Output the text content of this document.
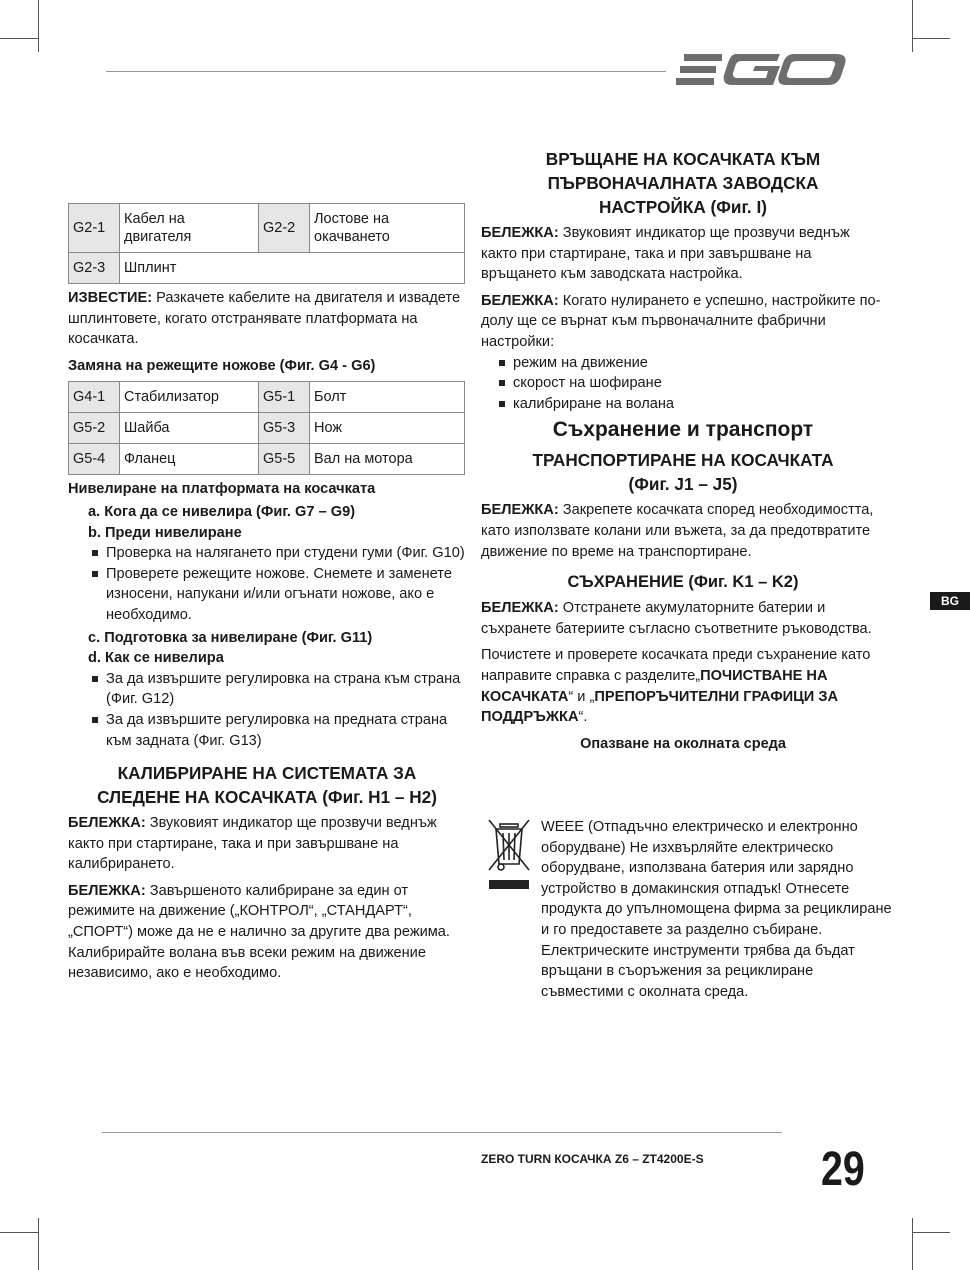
G2-1	Кабел на двигателя	G2-2	Лостове на окачването
G2-3	Шплинт		

ИЗВЕСТИЕ: Разкачете кабелите на двигателя и извадете шплинтовете, когато отстранявате платформата на косачката.

Замяна на режещите ножове (Фиг. G4 - G6)
G4-1	Стабилизатор	G5-1	Болт
G5-2	Шайба	G5-3	Нож
G5-4	Фланец	G5-5	Вал на мотора
Нивелиране на платформата на косачката
a. Кога да се нивелира (Фиг. G7 – G9)
b. Преди нивелиране
Проверка на налягането при студени гуми (Фиг. G10)
Проверете режещите ножове. Снемете и заменете износени, напукани и/или огънати ножове, ако е необходимо.
c. Подготовка за нивелиране (Фиг. G11)
d. Как се нивелира
За да извършите регулировка на страна към страна (Фиг. G12)
За да извършите регулировка на предната страна към задната (Фиг. G13)
КАЛИБРИРАНЕ НА СИСТЕМАТА ЗА СЛЕДЕНЕ НА КОСАЧКАТА (Фиг. H1 – H2)

БЕЛЕЖКА: Звуковият индикатор ще прозвучи веднъж както при стартиране, така и при завършване на калибрирането.

БЕЛЕЖКА: Завършеното калибриране за един от режимите на движение („КОНТРОЛ“, „СТАНДАРТ“, „СПОРТ“) може да не е налично за другите два режима. Калибрирайте волана във всеки режим на движение независимо, ако е необходимо.

ВРЪЩАНЕ НА КОСАЧКАТА КЪМ ПЪРВОНАЧАЛНАТА ЗАВОДСКА НАСТРОЙКА (Фиг. I)

БЕЛЕЖКА: Звуковият индикатор ще прозвучи веднъж както при стартиране, така и при завършване на връщането към заводската настройка.

БЕЛЕЖКА: Когато нулирането е успешно, настройките по-долу ще се върнат към първоначалните фабрични настройки:

режим на движение
скорост на шофиране
калибриране на волана
Съхранение и транспорт
ТРАНСПОРТИРАНЕ НА КОСАЧКАТА (Фиг. J1 – J5)

БЕЛЕЖКА: Закрепете косачката според необходимостта, като използвате колани или въжета, за да предотвратите движение по време на транспортиране.

СЪХРАНЕНИЕ (Фиг. K1 – K2)

БЕЛЕЖКА: Отстранете акумулаторните батерии и съхранете батериите съгласно съответните ръководства.

Почистете и проверете косачката преди съхранение като направите справка с разделите„ПОЧИСТВАНЕ НА КОСАЧКАТА“ и „ПРЕПОРЪЧИТЕЛНИ ГРАФИЦИ ЗА ПОДДРЪЖКА“.

Опазване на околната среда
WEEE (Отпадъчно електрическо и електронно оборудване) Не изхвърляйте електрическо оборудване, използвана батерия или зарядно устройство в домакинския отпадък! Отнесете продукта до упълномощена фирма за рециклиране и го предоставете за разделно събиране. Електрическите инструменти трябва да бъдат връщани в съоръжения за рециклиране съвместими с околната среда.
BG
ZERO TURN КОСАЧКА Z6 – ZT4200E-S 29
